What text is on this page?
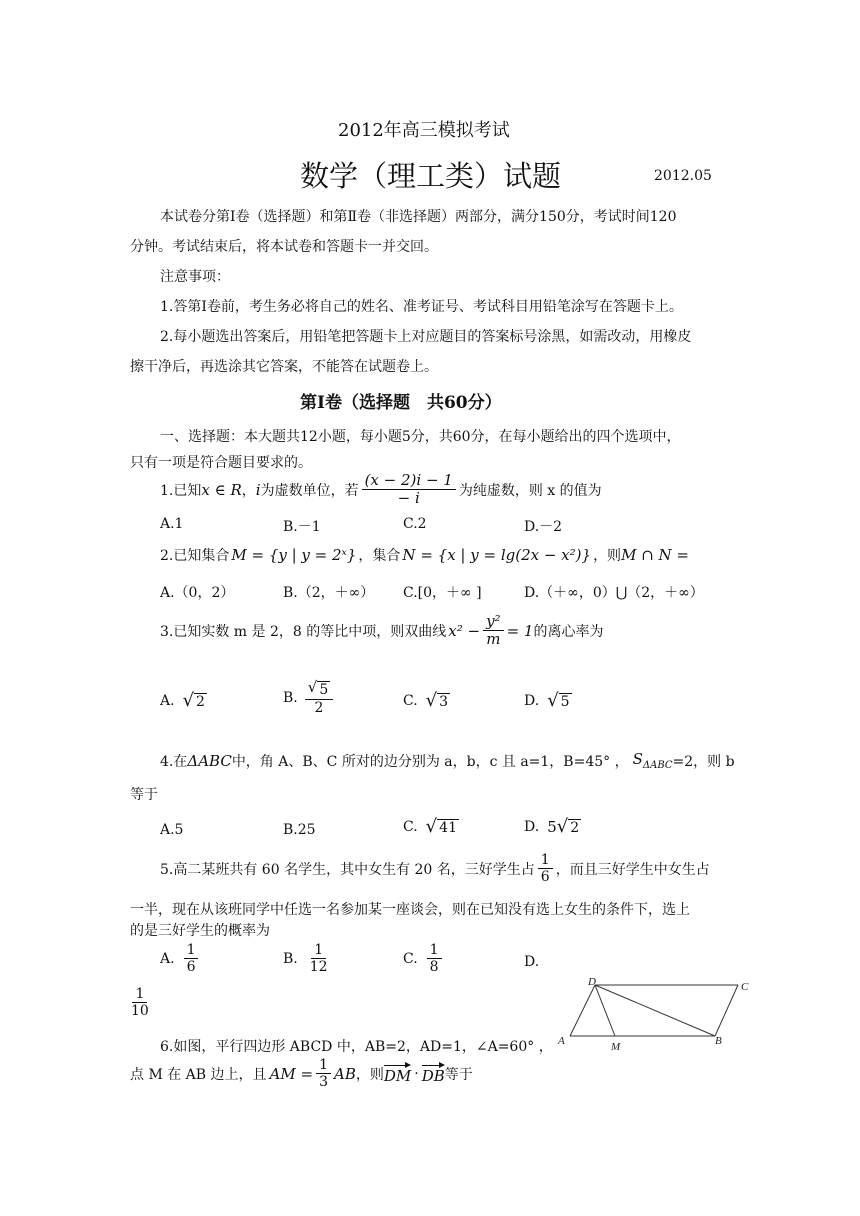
2012年高三模拟考试
数学（理工类）试题	2012.05
本试卷分第Ⅰ卷（选择题）和第Ⅱ卷（非选择题）两部分，满分150分，考试时间120
分钟。考试结束后，将本试卷和答题卡一并交回。
注意事项：
1.答第Ⅰ卷前，考生务必将自己的姓名、准考证号、考试科目用铅笔涂写在答题卡上。
2.每小题选出答案后，用铅笔把答题卡上对应题目的答案标号涂黑，如需改动，用橡皮
擦干净后，再选涂其它答案，不能答在试题卷上。
第Ⅰ卷（选择题　共60分）
一、选择题：本大题共12小题，每小题5分，共60分，在每小题给出的四个选项中，
只有一项是符合题目要求的。
1.已知 x ∈ R ， i 为虚数单位，若 $\frac{(x - 2)i - 1}{- i}$ 为纯虚数，则 x 的值为
A.1	B.－1	C.2	D.－2
2.已知集合 M = {y | y = 2ˣ} ，集合 N = {x | y = lg(2x − x²)} ，则 M ∩ N =
A.（0，2）	B.（2，＋∞） C.[0，＋∞ ]	D.（＋∞，0）⋃（2，＋∞）
3.已知实数 m 是 2，8 的等比中项，则双曲线 $x^2 - \frac{\text{y²}}{m} = 1$ 的离心率为
A. √ 2	B. $\frac{√ 5}{2}$	C. √ 3	D. √ 5
4.在 ΔABC 中，角 A、B、C 所对的边分别为 a，b，c 且 a=1，B=45° ， $S_{\Delta ABC} =2$，则 b
等于
A.5	B.25	C. √ 41	D. 5 √ 2
5.高二某班共有 60 名学生，其中女生有 20 名，三好学生占 $\frac{1}{6}$ ，而且三好学生中女生占
一半，现在从该班同学中任选一名参加某一座谈会，则在已知没有选上女生的条件下，选上
的是三好学生的概率为
A. $\frac{1}{6}$	B. $\frac{1}{12}$	C. $\frac{1}{8}$	D.
$\frac{1}{10}$
6.如图，平行四边形 ABCD 中，AB=2，AD=1，∠A=60° ，
点 M 在 AB 边上，且 AM = $\frac{1}{3}$ AB ，则 DM · DB 等于
A	M	B
D	C
